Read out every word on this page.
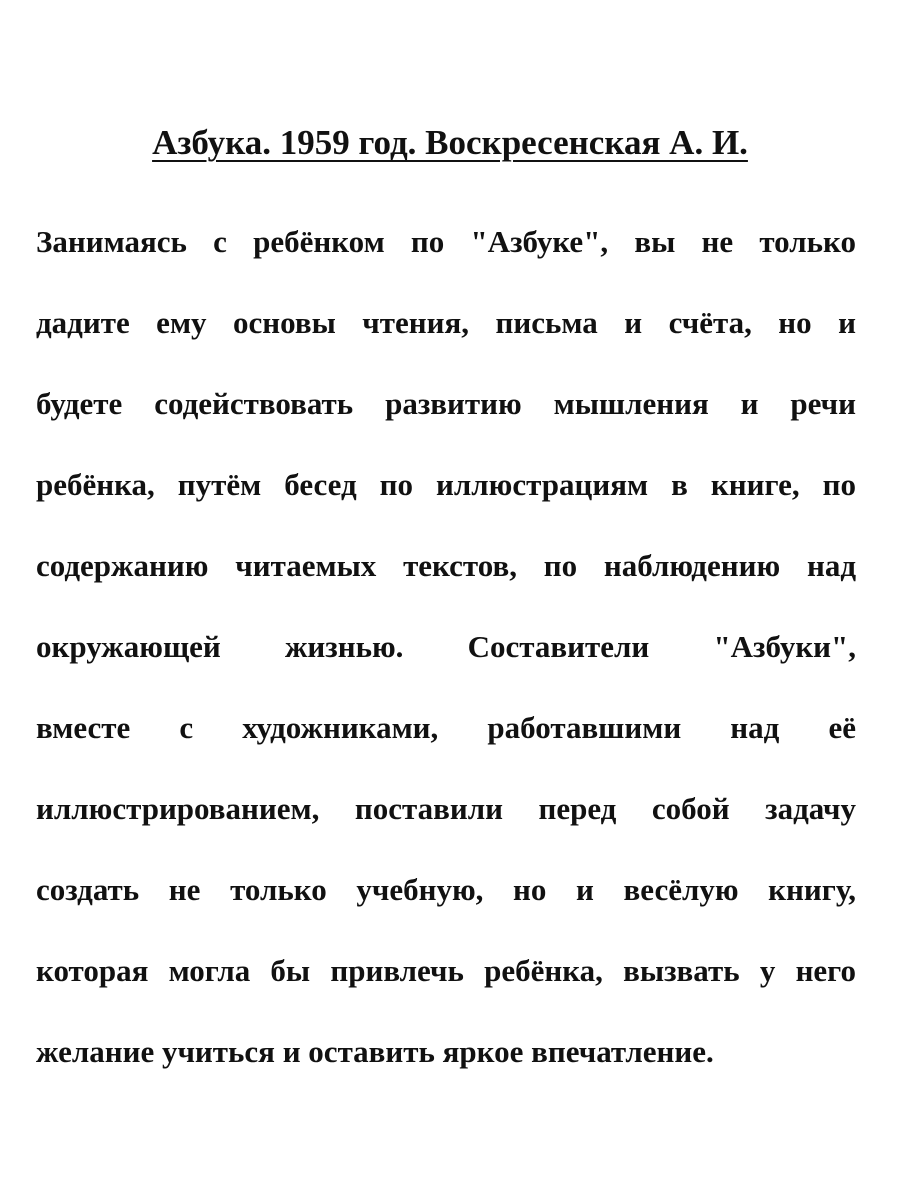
Азбука. 1959 год. Воскресенская А. И.
Занимаясь с ребёнком по "Азбуке", вы не только
дадите ему основы чтения, письма и счёта, но и
будете содействовать развитию мышления и речи
ребёнка, путём бесед по иллюстрациям в книге, по
содержанию читаемых текстов, по наблюдению над
окружающей жизнью. Составители "Азбуки",
вместе с художниками, работавшими над её
иллюстрированием, поставили перед собой задачу
создать не только учебную, но и весёлую книгу,
которая могла бы привлечь ребёнка, вызвать у него
желание учиться и оставить яркое впечатление.
